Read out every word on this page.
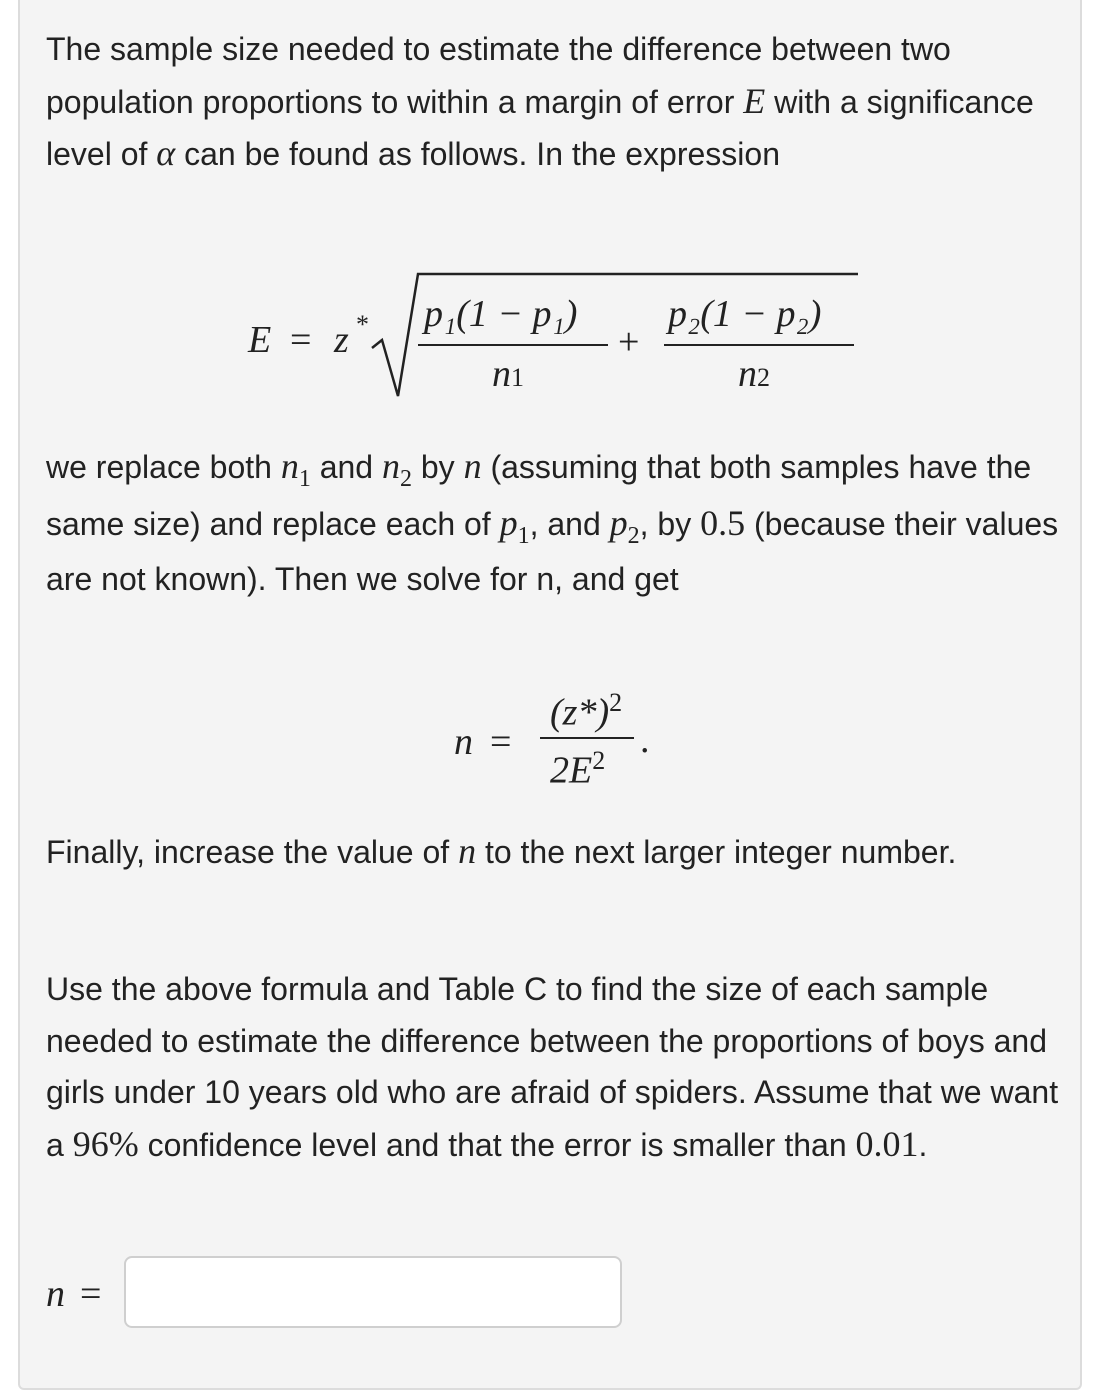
The sample size needed to estimate the difference between two population proportions to within a margin of error E with a significance level of α can be found as follows. In the expression

E = z * p₁(1 − p₁)
n1
+
p₂(1 − p₂)
n2

we replace both $n_1$ and $n_2$ by n (assuming that both samples have the same size) and replace each of $p_1$, and $p_2$, by 0.5 (because their values are not known). Then we solve for n, and get

n =
$(z*)^2$
$2E^2$ .

Finally, increase the value of n to the next larger integer number.

Use the above formula and Table C to find the size of each sample needed to estimate the difference between the proportions of boys and girls under 10 years old who are afraid of spiders. Assume that we want a 96% confidence level and that the error is smaller than 0.01.

n =
